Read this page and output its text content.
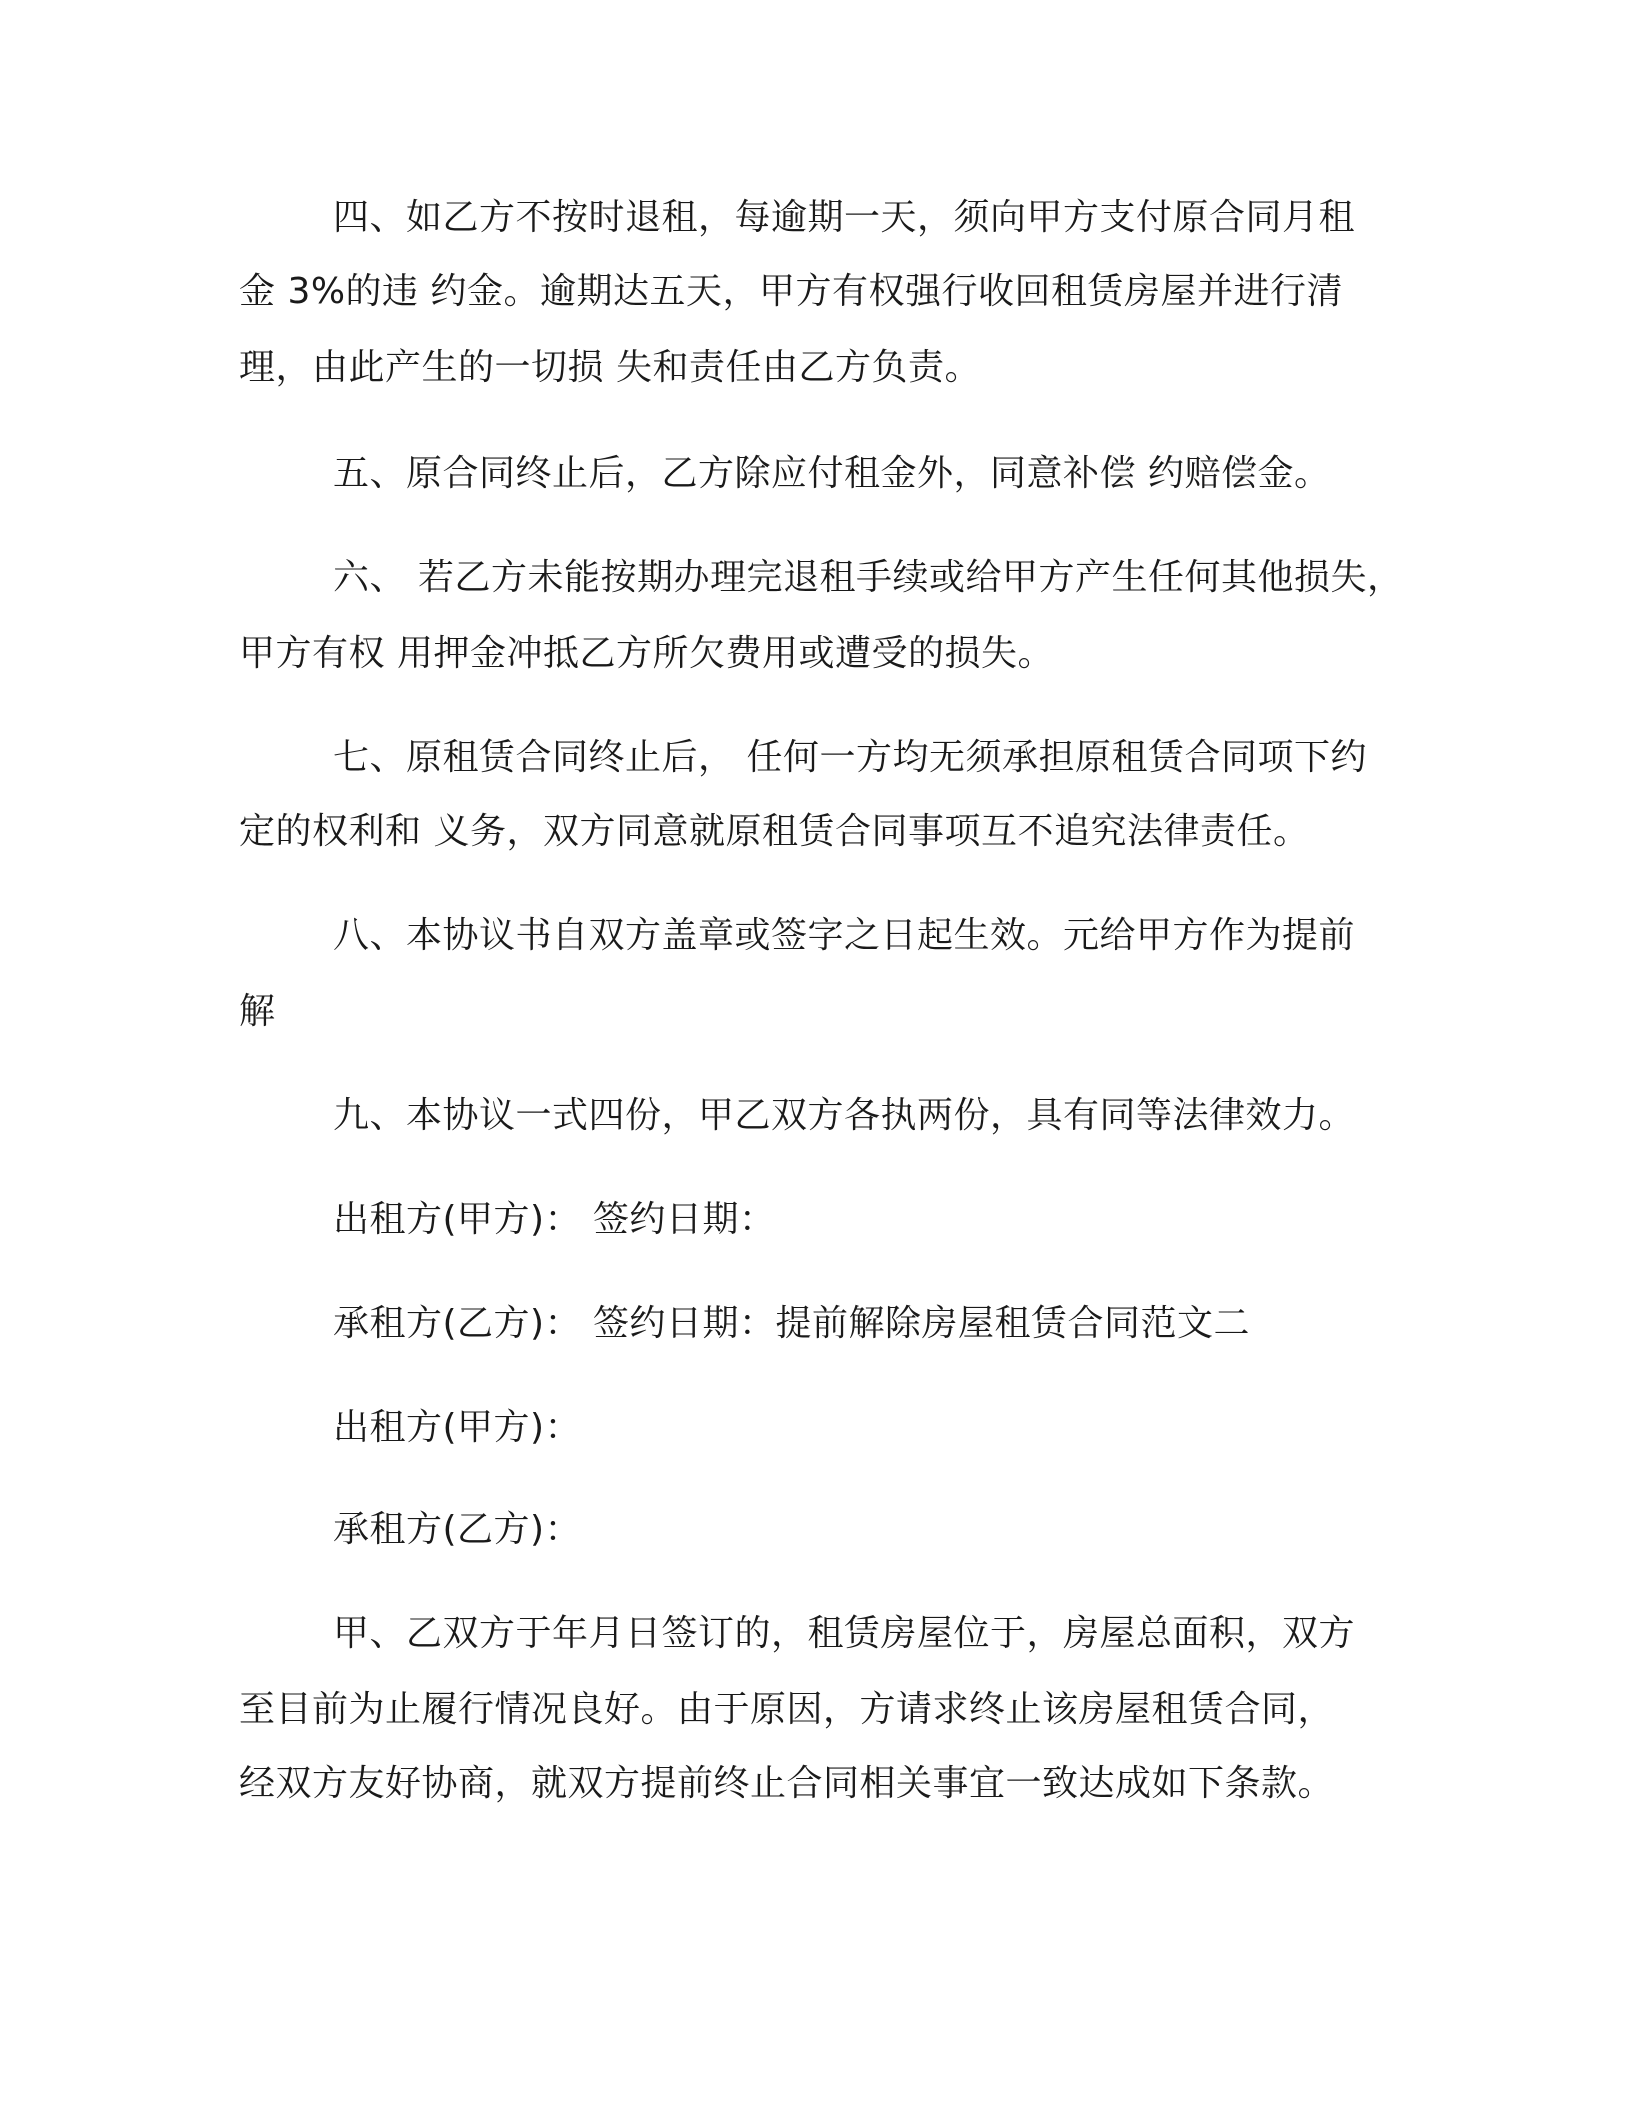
四、如乙方不按时退租，每逾期一天，须向甲方支付原合同月租

金 3%的违 约金。逾期达五天，甲方有权强行收回租赁房屋并进行清

理，由此产生的一切损 失和责任由乙方负责。

五、原合同终止后，乙方除应付租金外，同意补偿 约赔偿金。

六、 若乙方未能按期办理完退租手续或给甲方产生任何其他损失，

甲方有权 用押金冲抵乙方所欠费用或遭受的损失。

七、原租赁合同终止后， 任何一方均无须承担原租赁合同项下约

定的权利和 义务，双方同意就原租赁合同事项互不追究法律责任。

八、本协议书自双方盖章或签字之日起生效。元给甲方作为提前

解

九、本协议一式四份，甲乙双方各执两份，具有同等法律效力。

出租方(甲方)： 签约日期：

承租方(乙方)： 签约日期：提前解除房屋租赁合同范文二

出租方(甲方)：

承租方(乙方)：

甲、乙双方于年月日签订的，租赁房屋位于，房屋总面积，双方

至目前为止履行情况良好。由于原因，方请求终止该房屋租赁合同，

经双方友好协商，就双方提前终止合同相关事宜一致达成如下条款。
